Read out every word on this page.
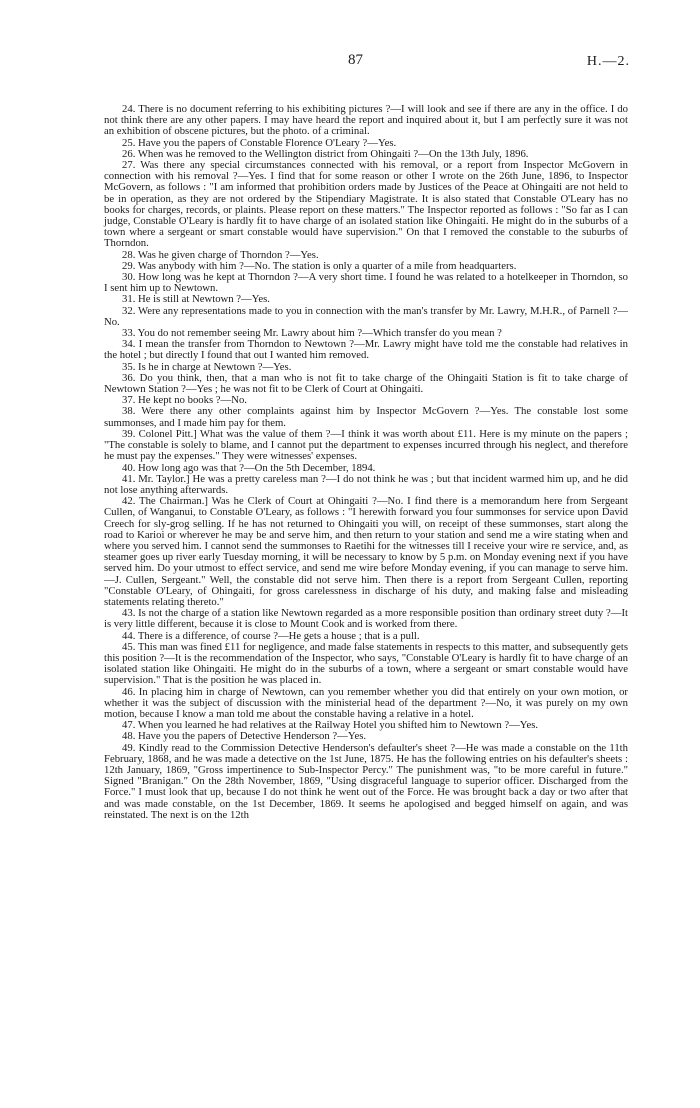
87	H.—2.

24. There is no document referring to his exhibiting pictures ?—I will look and see if there are any in the office. I do not think there are any other papers. I may have heard the report and inquired about it, but I am perfectly sure it was not an exhibition of obscene pictures, but the photo. of a criminal.

25. Have you the papers of Constable Florence O'Leary ?—Yes.

26. When was he removed to the Wellington district from Ohingaiti ?—On the 13th July, 1896.

27. Was there any special circumstances connected with his removal, or a report from Inspector McGovern in connection with his removal ?—Yes. I find that for some reason or other I wrote on the 26th June, 1896, to Inspector McGovern, as follows : "I am informed that prohibition orders made by Justices of the Peace at Ohingaiti are not held to be in operation, as they are not ordered by the Stipendiary Magistrate. It is also stated that Constable O'Leary has no books for charges, records, or plaints. Please report on these matters." The Inspector reported as follows : "So far as I can judge, Constable O'Leary is hardly fit to have charge of an isolated station like Ohingaiti. He might do in the suburbs of a town where a sergeant or smart constable would have supervision." On that I removed the constable to the suburbs of Thorndon.

28. Was he given charge of Thorndon ?—Yes.

29. Was anybody with him ?—No. The station is only a quarter of a mile from headquarters.

30. How long was he kept at Thorndon ?—A very short time. I found he was related to a hotelkeeper in Thorndon, so I sent him up to Newtown.

31. He is still at Newtown ?—Yes.

32. Were any representations made to you in connection with the man's transfer by Mr. Lawry, M.H.R., of Parnell ?—No.

33. You do not remember seeing Mr. Lawry about him ?—Which transfer do you mean ?

34. I mean the transfer from Thorndon to Newtown ?—Mr. Lawry might have told me the constable had relatives in the hotel ; but directly I found that out I wanted him removed.

35. Is he in charge at Newtown ?—Yes.

36. Do you think, then, that a man who is not fit to take charge of the Ohingaiti Station is fit to take charge of Newtown Station ?—Yes ; he was not fit to be Clerk of Court at Ohingaiti.

37. He kept no books ?—No.

38. Were there any other complaints against him by Inspector McGovern ?—Yes. The constable lost some summonses, and I made him pay for them.

39. Colonel Pitt.] What was the value of them ?—I think it was worth about £11. Here is my minute on the papers ; "The constable is solely to blame, and I cannot put the department to expenses incurred through his neglect, and therefore he must pay the expenses." They were witnesses' expenses.

40. How long ago was that ?—On the 5th December, 1894.

41. Mr. Taylor.] He was a pretty careless man ?—I do not think he was ; but that incident warmed him up, and he did not lose anything afterwards.

42. The Chairman.] Was he Clerk of Court at Ohingaiti ?—No. I find there is a memorandum here from Sergeant Cullen, of Wanganui, to Constable O'Leary, as follows : "I herewith forward you four summonses for service upon David Creech for sly-grog selling. If he has not returned to Ohingaiti you will, on receipt of these summonses, start along the road to Karioi or wherever he may be and serve him, and then return to your station and send me a wire stating when and where you served him. I cannot send the summonses to Raetihi for the witnesses till I receive your wire re service, and, as steamer goes up river early Tuesday morning, it will be necessary to know by 5 p.m. on Monday evening next if you have served him. Do your utmost to effect service, and send me wire before Monday evening, if you can manage to serve him.—J. Cullen, Sergeant." Well, the constable did not serve him. Then there is a report from Sergeant Cullen, reporting "Constable O'Leary, of Ohingaiti, for gross carelessness in discharge of his duty, and making false and misleading statements relating thereto."

43. Is not the charge of a station like Newtown regarded as a more responsible position than ordinary street duty ?—It is very little different, because it is close to Mount Cook and is worked from there.

44. There is a difference, of course ?—He gets a house ; that is a pull.

45. This man was fined £11 for negligence, and made false statements in respects to this matter, and subsequently gets this position ?—It is the recommendation of the Inspector, who says, "Constable O'Leary is hardly fit to have charge of an isolated station like Ohingaiti. He might do in the suburbs of a town, where a sergeant or smart constable would have supervision." That is the position he was placed in.

46. In placing him in charge of Newtown, can you remember whether you did that entirely on your own motion, or whether it was the subject of discussion with the ministerial head of the department ?—No, it was purely on my own motion, because I know a man told me about the constable having a relative in a hotel.

47. When you learned he had relatives at the Railway Hotel you shifted him to Newtown ?—Yes.

48. Have you the papers of Detective Henderson ?—Yes.

49. Kindly read to the Commission Detective Henderson's defaulter's sheet ?—He was made a constable on the 11th February, 1868, and he was made a detective on the 1st June, 1875. He has the following entries on his defaulter's sheets : 12th January, 1869, "Gross impertinence to Sub-Inspector Percy." The punishment was, "to be more careful in future." Signed "Branigan." On the 28th November, 1869, "Using disgraceful language to superior officer. Discharged from the Force." I must look that up, because I do not think he went out of the Force. He was brought back a day or two after that and was made constable, on the 1st December, 1869. It seems he apologised and begged himself on again, and was reinstated. The next is on the 12th
